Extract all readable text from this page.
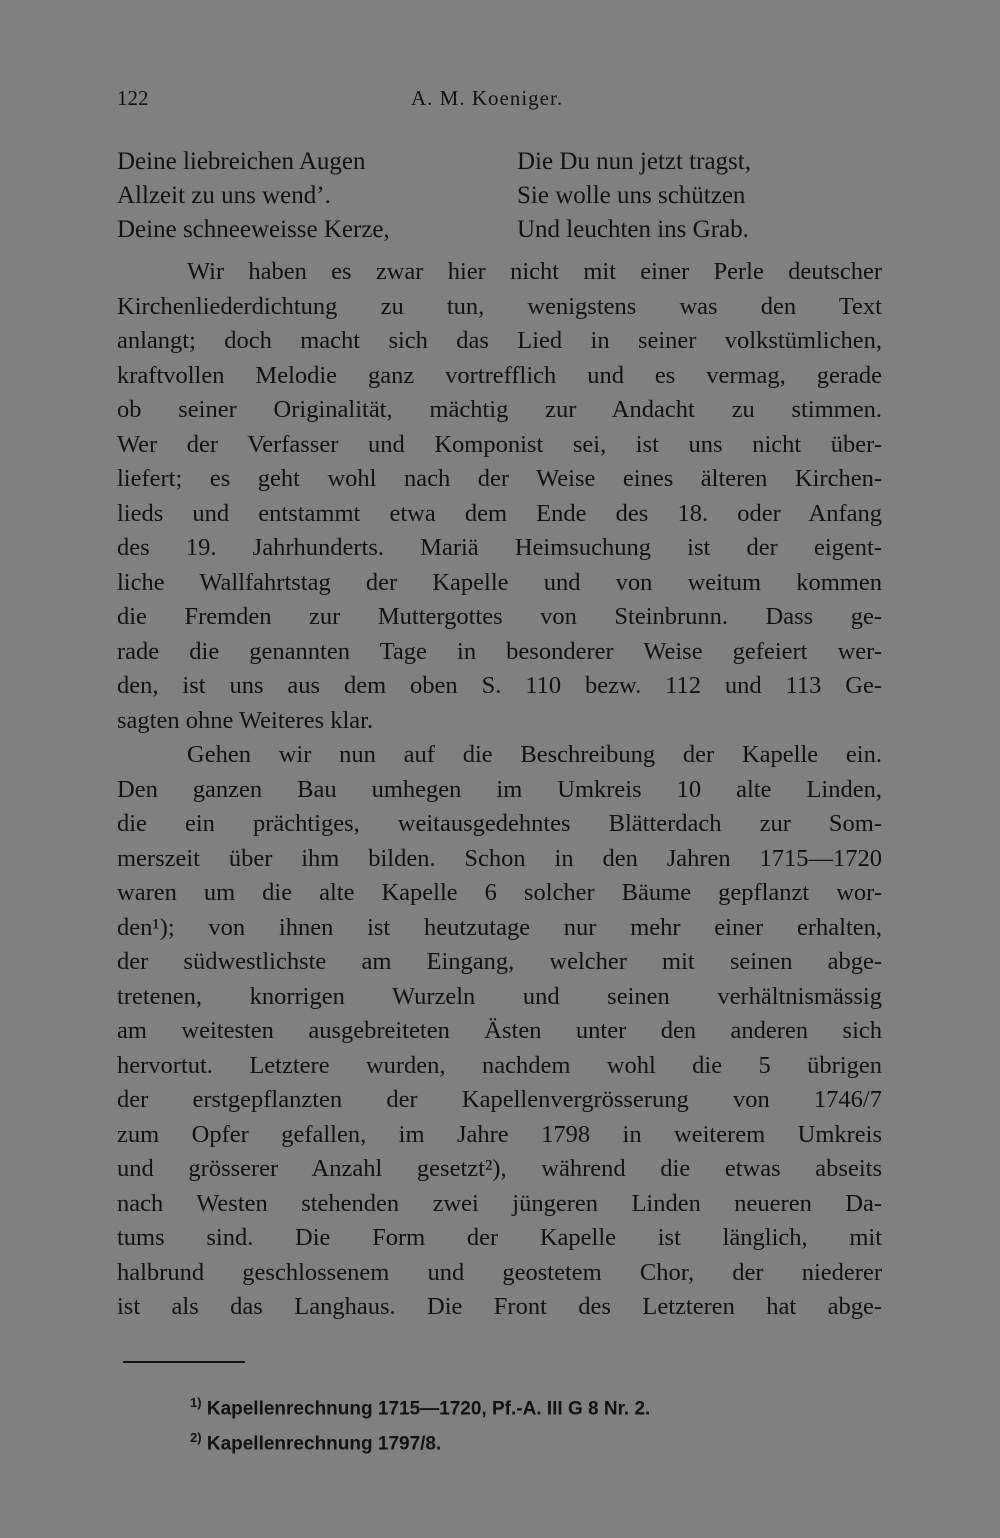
122	A. M. Koeniger.
Deine liebreichen Augen
Allzeit zu uns wend’.
Deine schneeweisse Kerze,
Die Du nun jetzt tragst,
Sie wolle uns schützen
Und leuchten ins Grab.
Wir haben es zwar hier nicht mit einer Perle deutscher
Kirchenliederdichtung zu tun, wenigstens was den Text
anlangt; doch macht sich das Lied in seiner volkstümlichen,
kraftvollen Melodie ganz vortrefflich und es vermag, gerade
ob seiner Originalität, mächtig zur Andacht zu stimmen.
Wer der Verfasser und Komponist sei, ist uns nicht über-
liefert; es geht wohl nach der Weise eines älteren Kirchen-
lieds und entstammt etwa dem Ende des 18. oder Anfang
des 19. Jahrhunderts. Mariä Heimsuchung ist der eigent-
liche Wallfahrtstag der Kapelle und von weitum kommen
die Fremden zur Muttergottes von Steinbrunn. Dass ge-
rade die genannten Tage in besonderer Weise gefeiert wer-
den, ist uns aus dem oben S. 110 bezw. 112 und 113 Ge-
sagten ohne Weiteres klar.
Gehen wir nun auf die Beschreibung der Kapelle ein.
Den ganzen Bau umhegen im Umkreis 10 alte Linden,
die ein prächtiges, weitausgedehntes Blätterdach zur Som-
merszeit über ihm bilden. Schon in den Jahren 1715—1720
waren um die alte Kapelle 6 solcher Bäume gepflanzt wor-
den¹); von ihnen ist heutzutage nur mehr einer erhalten,
der südwestlichste am Eingang, welcher mit seinen abge-
tretenen, knorrigen Wurzeln und seinen verhältnismässig
am weitesten ausgebreiteten Ästen unter den anderen sich
hervortut. Letztere wurden, nachdem wohl die 5 übrigen
der erstgepflanzten der Kapellenvergrösserung von 1746/7
zum Opfer gefallen, im Jahre 1798 in weiterem Umkreis
und grösserer Anzahl gesetzt²), während die etwas abseits
nach Westen stehenden zwei jüngeren Linden neueren Da-
tums sind. Die Form der Kapelle ist länglich, mit
halbrund geschlossenem und geostetem Chor, der niederer
ist als das Langhaus. Die Front des Letzteren hat abge-
$^{1)}$ Kapellenrechnung 1715—1720, Pf.-A. III G 8 Nr. 2.
$^{2)}$ Kapellenrechnung 1797/8.
